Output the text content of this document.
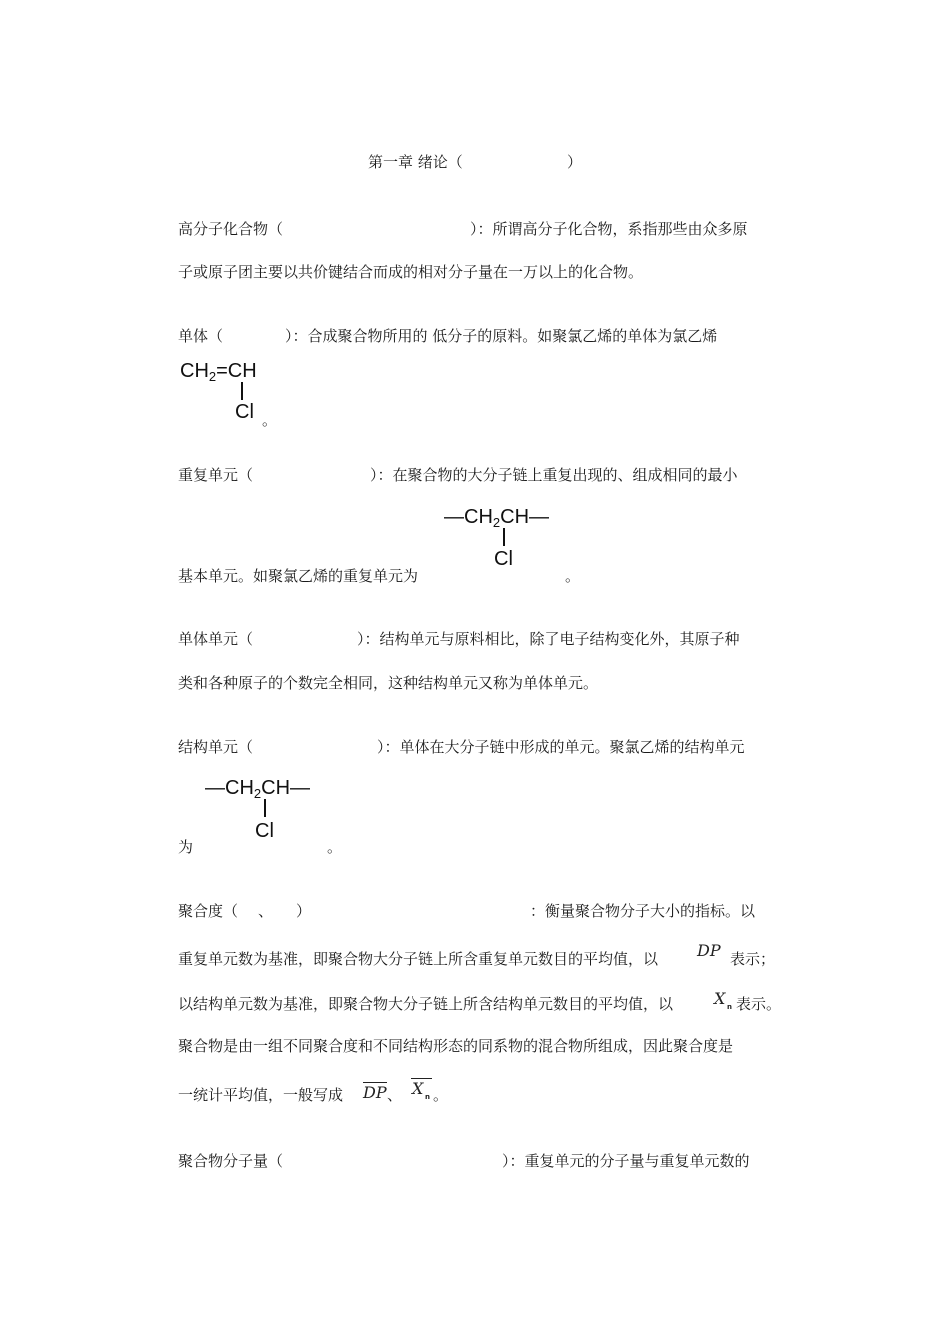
第一章 绪论（	）
高分子化合物（	）：所谓高分子化合物，系指那些由众多原
子或原子团主要以共价键结合而成的相对分子量在一万以上的化合物。
单体（	）：合成聚合物所用的 低分子的原料。如聚氯乙烯的单体为氯乙烯
$CH_2=CH$
Cl 。
重复单元（	）：在聚合物的大分子链上重复出现的、组成相同的最小
$—CH_2CH—$
Cl
基本单元。如聚氯乙烯的重复单元为	。
单体单元（	）：结构单元与原料相比，除了电子结构变化外，其原子种
类和各种原子的个数完全相同，这种结构单元又称为单体单元。
结构单元（	）：单体在大分子链中形成的单元。聚氯乙烯的结构单元
$—CH_2CH—$
Cl
为	。
聚合度（ 、 ）	：衡量聚合物分子大小的指标。以
重复单元数为基准，即聚合物大分子链上所含重复单元数目的平均值，以 DP 表示；
以结构单元数为基准，即聚合物大分子链上所含结构单元数目的平均值，以	X n 表示。
聚合物是由一组不同聚合度和不同结构形态的同系物的混合物所组成，因此聚合度是
一统计平均值，一般写成 DP 、 X n 。
聚合物分子量（	）：重复单元的分子量与重复单元数的
